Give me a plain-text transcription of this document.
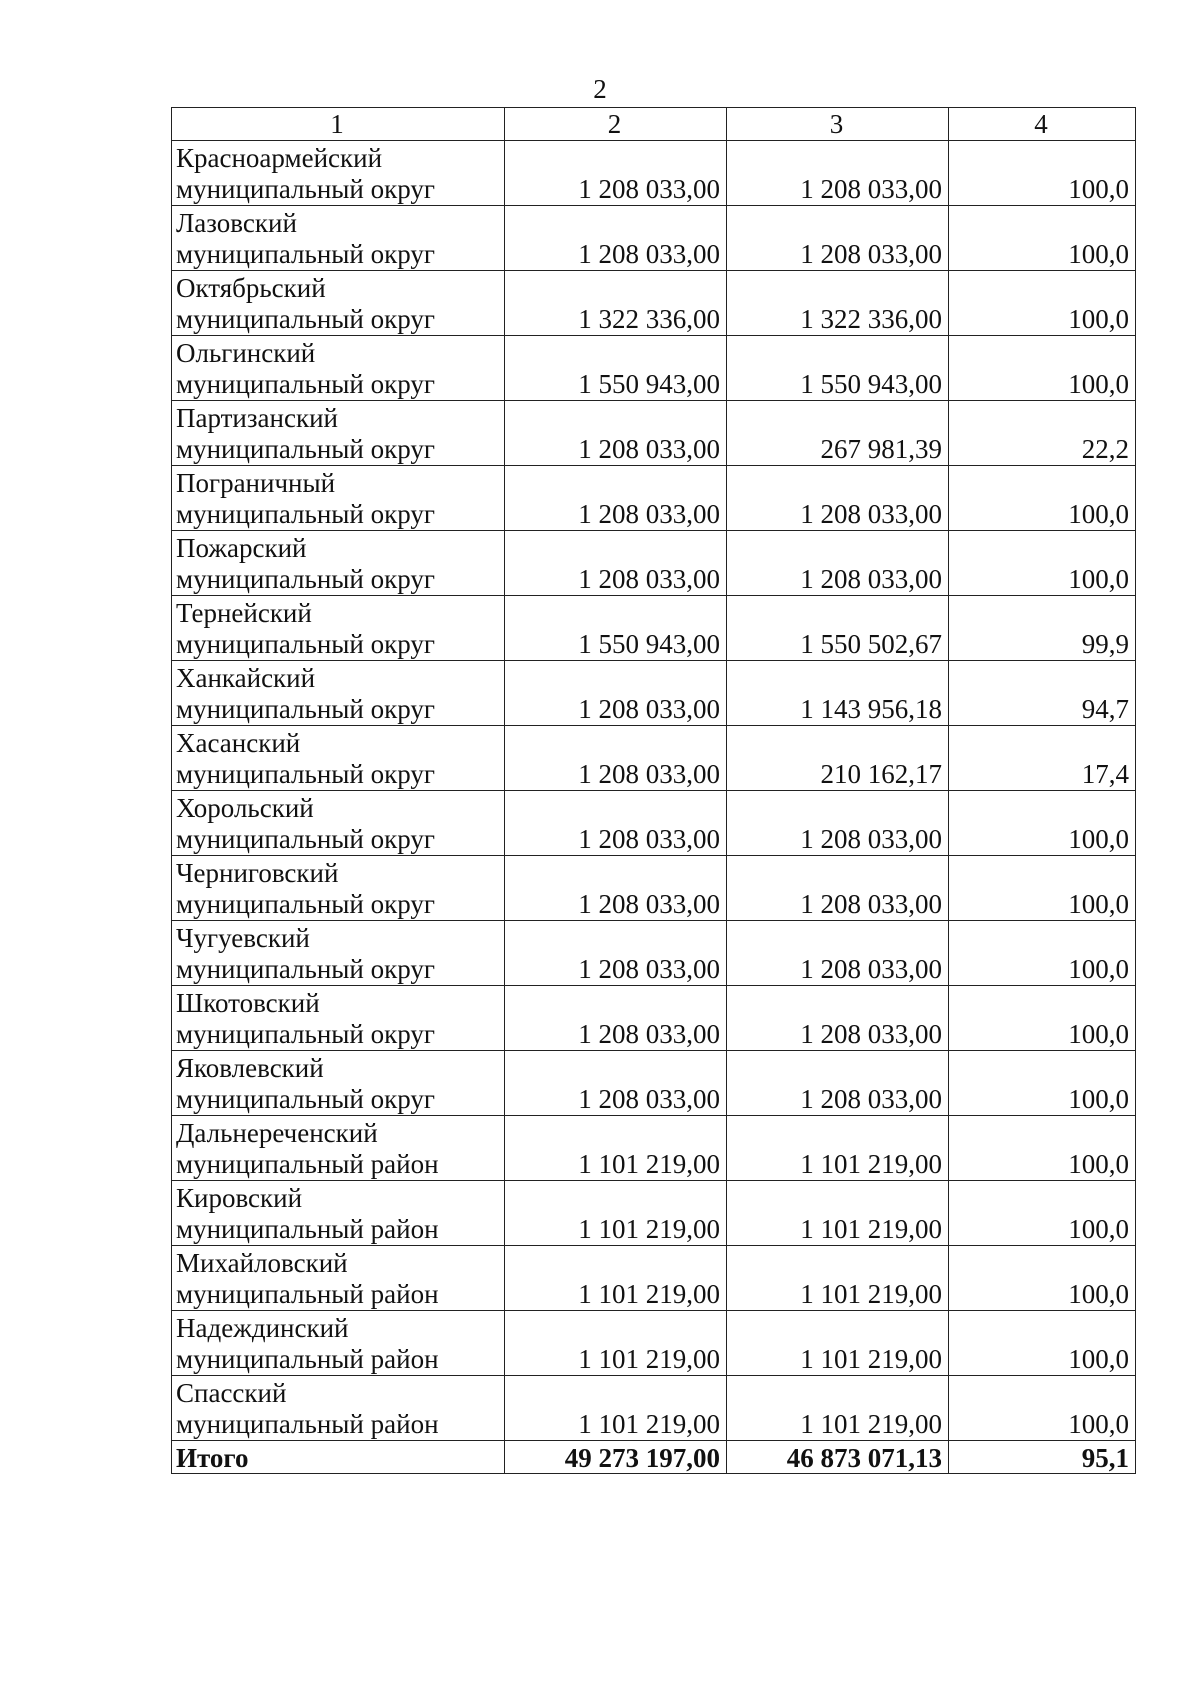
2
1	2	3	4

Красноармейский
муниципальный округ	1 208 033,00	1 208 033,00	100,0

Лазовский
муниципальный округ	1 208 033,00	1 208 033,00	100,0

Октябрьский
муниципальный округ	1 322 336,00	1 322 336,00	100,0

Ольгинский
муниципальный округ	1 550 943,00	1 550 943,00	100,0

Партизанский
муниципальный округ	1 208 033,00	267 981,39	22,2

Пограничный
муниципальный округ	1 208 033,00	1 208 033,00	100,0

Пожарский
муниципальный округ	1 208 033,00	1 208 033,00	100,0

Тернейский
муниципальный округ	1 550 943,00	1 550 502,67	99,9

Ханкайский
муниципальный округ	1 208 033,00	1 143 956,18	94,7

Хасанский
муниципальный округ	1 208 033,00	210 162,17	17,4

Хорольский
муниципальный округ	1 208 033,00	1 208 033,00	100,0

Черниговский
муниципальный округ	1 208 033,00	1 208 033,00	100,0

Чугуевский
муниципальный округ	1 208 033,00	1 208 033,00	100,0

Шкотовский
муниципальный округ	1 208 033,00	1 208 033,00	100,0

Яковлевский
муниципальный округ	1 208 033,00	1 208 033,00	100,0

Дальнереченский
муниципальный район	1 101 219,00	1 101 219,00	100,0

Кировский
муниципальный район	1 101 219,00	1 101 219,00	100,0

Михайловский
муниципальный район	1 101 219,00	1 101 219,00	100,0

Надеждинский
муниципальный район	1 101 219,00	1 101 219,00	100,0

Спасский
муниципальный район	1 101 219,00	1 101 219,00	100,0
Итого	49 273 197,00	46 873 071,13	95,1
